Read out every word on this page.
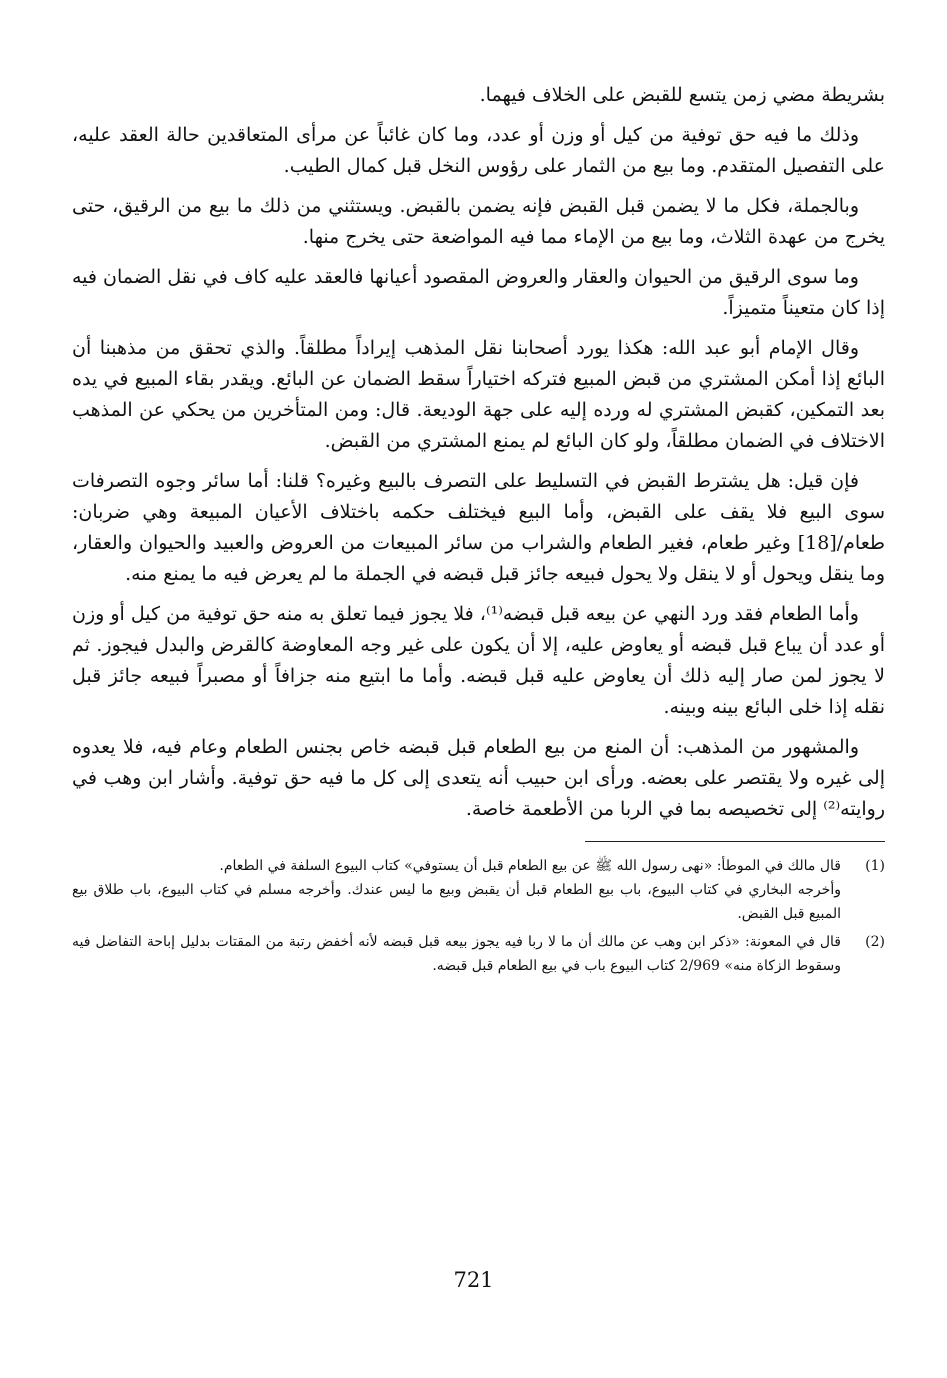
بشريطة مضي زمن يتسع للقبض على الخلاف فيهما.

وذلك ما فيه حق توفية من كيل أو وزن أو عدد، وما كان غائباً عن مرأى المتعاقدين حالة العقد عليه، على التفصيل المتقدم. وما بيع من الثمار على رؤوس النخل قبل كمال الطيب.

وبالجملة، فكل ما لا يضمن قبل القبض فإنه يضمن بالقبض. ويستثني من ذلك ما بيع من الرقيق، حتى يخرج من عهدة الثلاث، وما بيع من الإماء مما فيه المواضعة حتى يخرج منها.

وما سوى الرقيق من الحيوان والعقار والعروض المقصود أعيانها فالعقد عليه كاف في نقل الضمان فيه إذا كان متعيناً متميزاً.

وقال الإمام أبو عبد الله: هكذا يورد أصحابنا نقل المذهب إيراداً مطلقاً. والذي تحقق من مذهبنا أن البائع إذا أمكن المشتري من قبض المبيع فتركه اختياراً سقط الضمان عن البائع. ويقدر بقاء المبيع في يده بعد التمكين، كقبض المشتري له ورده إليه على جهة الوديعة. قال: ومن المتأخرين من يحكي عن المذهب الاختلاف في الضمان مطلقاً، ولو كان البائع لم يمنع المشتري من القبض.

فإن قيل: هل يشترط القبض في التسليط على التصرف بالبيع وغيره؟ قلنا: أما سائر وجوه التصرفات سوى البيع فلا يقف على القبض، وأما البيع فيختلف حكمه باختلاف الأعيان المبيعة وهي ضربان: طعام/[18] وغير طعام، فغير الطعام والشراب من سائر المبيعات من العروض والعبيد والحيوان والعقار، وما ينقل ويحول أو لا ينقل ولا يحول فبيعه جائز قبل قبضه في الجملة ما لم يعرض فيه ما يمنع منه.

وأما الطعام فقد ورد النهي عن بيعه قبل قبضه⁽¹⁾، فلا يجوز فيما تعلق به منه حق توفية من كيل أو وزن أو عدد أن يباع قبل قبضه أو يعاوض عليه، إلا أن يكون على غير وجه المعاوضة كالقرض والبدل فيجوز. ثم لا يجوز لمن صار إليه ذلك أن يعاوض عليه قبل قبضه. وأما ما ابتيع منه جزافاً أو مصبراً فبيعه جائز قبل نقله إذا خلى البائع بينه وبينه.

والمشهور من المذهب: أن المنع من بيع الطعام قبل قبضه خاص بجنس الطعام وعام فيه، فلا يعدوه إلى غيره ولا يقتصر على بعضه. ورأى ابن حبيب أنه يتعدى إلى كل ما فيه حق توفية. وأشار ابن وهب في روايته⁽²⁾ إلى تخصيصه بما في الربا من الأطعمة خاصة.

(1)

قال مالك في الموطأ: «نهى رسول الله ﷺ عن بيع الطعام قبل أن يستوفي» كتاب البيوع السلفة في الطعام.

وأخرجه البخاري في كتاب البيوع، باب بيع الطعام قبل أن يقبض وبيع ما ليس عندك. وأخرجه مسلم في كتاب البيوع، باب طلاق بيع المبيع قبل القبض.

(2)

قال في المعونة: «ذكر ابن وهب عن مالك أن ما لا ربا فيه يجوز بيعه قبل قبضه لأنه أخفض رتبة من المقتات بدليل إباحة التفاضل فيه وسقوط الزكاة منه» 2/969 كتاب البيوع باب في بيع الطعام قبل قبضه.

721
